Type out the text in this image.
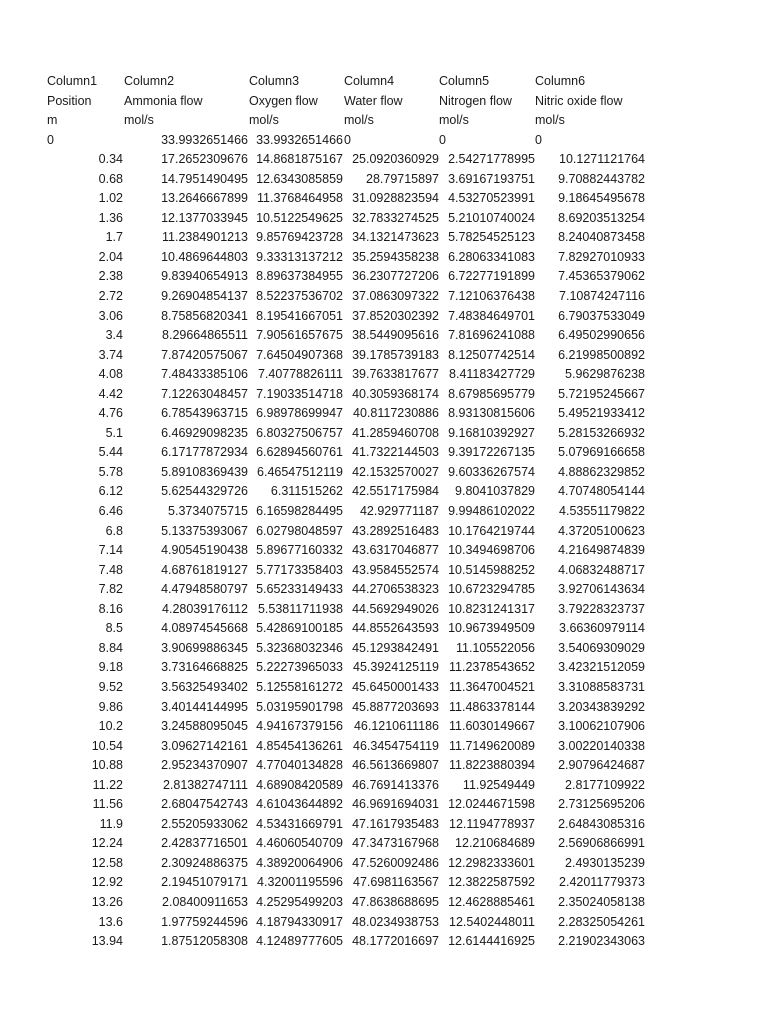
Column1	Column2	Column3	Column4	Column5	Column6
Position	Ammonia flow	Oxygen flow	Water flow	Nitrogen flow	Nitric oxide flow
m	mol/s	mol/s	mol/s	mol/s	mol/s
0	33.9932651466 33.9932651466 0	0	0
0.34	17.2652309676 14.8681875167 25.0920360929 2.54271778995	10.1271121764
0.68	14.7951490495 12.6343085859	28.79715897 3.69167193751	9.70882443782
1.02	13.2646667899 11.3768464958 31.0928823594 4.53270523991	9.18645495678
1.36	12.1377033945 10.5122549625 32.7833274525 5.21010740024	8.69203513254
1.7	11.2384901213 9.85769423728 34.1321473623 5.78254525123	8.24040873458
2.04	10.4869644803 9.33313137212 35.2594358238 6.28063341083	7.82927010933
2.38	9.83940654913 8.89637384955 36.2307727206 6.72277191899	7.45365379062
2.72	9.26904854137 8.52237536702 37.0863097322 7.12106376438	7.10874247116
3.06	8.75856820341 8.19541667051 37.8520302392 7.48384649701	6.79037533049
3.4	8.29664865511 7.90561657675 38.5449095616 7.81696241088	6.49502990656
3.74	7.87420575067 7.64504907368 39.1785739183 8.12507742514	6.21998500892
4.08	7.48433385106 7.40778826111 39.7633817677 8.41183427729	5.9629876238
4.42	7.12263048457 7.19033514718 40.3059368174 8.67985695779	5.72195245667
4.76	6.78543963715 6.98978699947 40.8117230886 8.93130815606	5.49521933412
5.1	6.46929098235 6.80327506757 41.2859460708 9.16810392927	5.28153266932
5.44	6.17177872934 6.62894560761 41.7322144503 9.39172267135	5.07969166658
5.78	5.89108369439 6.46547512119 42.1532570027 9.60336267574	4.88862329852
6.12	5.62544329726	6.311515262 42.5517175984	9.8041037829	4.70748054144
6.46	5.3734075715 6.16598284495	42.929771187 9.99486102022	4.53551179822
6.8	5.13375393067 6.02798048597 43.2892516483 10.1764219744	4.37205100623
7.14	4.90545190438 5.89677160332 43.6317046877 10.3494698706	4.21649874839
7.48	4.68761819127 5.77173358403 43.9584552574 10.5145988252	4.06832488717
7.82	4.47948580797 5.65233149433 44.2706538323 10.6723294785	3.92706143634
8.16	4.28039176112 5.53811711938 44.5692949026 10.8231241317	3.79228323737
8.5	4.08974545668 5.42869100185 44.8552643593 10.9673949509	3.66360979114
8.84	3.90699886345 5.32368032346 45.1293842491	11.105522056	3.54069309029
9.18	3.73164668825 5.22273965033 45.3924125119 11.2378543652	3.42321512059
9.52	3.56325493402 5.12558161272 45.6450001433 11.3647004521	3.31088583731
9.86	3.40144144995 5.03195901798 45.8877203693 11.4863378144	3.20343839292
10.2	3.24588095045 4.94167379156 46.1210611186 11.6030149667	3.10062107906
10.54	3.09627142161 4.85454136261 46.3454754119 11.7149620089	3.00220140338
10.88	2.95234370907 4.77040134828 46.5613669807 11.8223880394	2.90796424687
11.22	2.81382747111 4.68908420589 46.7691413376	11.92549449	2.8177109922
11.56	2.68047542743 4.61043644892 46.9691694031 12.0244671598	2.73125695206
11.9	2.55205933062 4.53431669791 47.1617935483 12.1194778937	2.64843085316
12.24	2.42837716501 4.46060540709 47.3473167968	12.210684689	2.56906866991
12.58	2.30924886375 4.38920064906 47.5260092486 12.2982333601	2.4930135239
12.92	2.19451079171 4.32001195596 47.6981163567 12.3822587592	2.42011779373
13.26	2.08400911653 4.25295499203 47.8638688695 12.4628885461	2.35024058138
13.6	1.97759244596 4.18794330917 48.0234938753 12.5402448011	2.28325054261
13.94	1.87512058308 4.12489777605 48.1772016697 12.6144416925	2.21902343063
